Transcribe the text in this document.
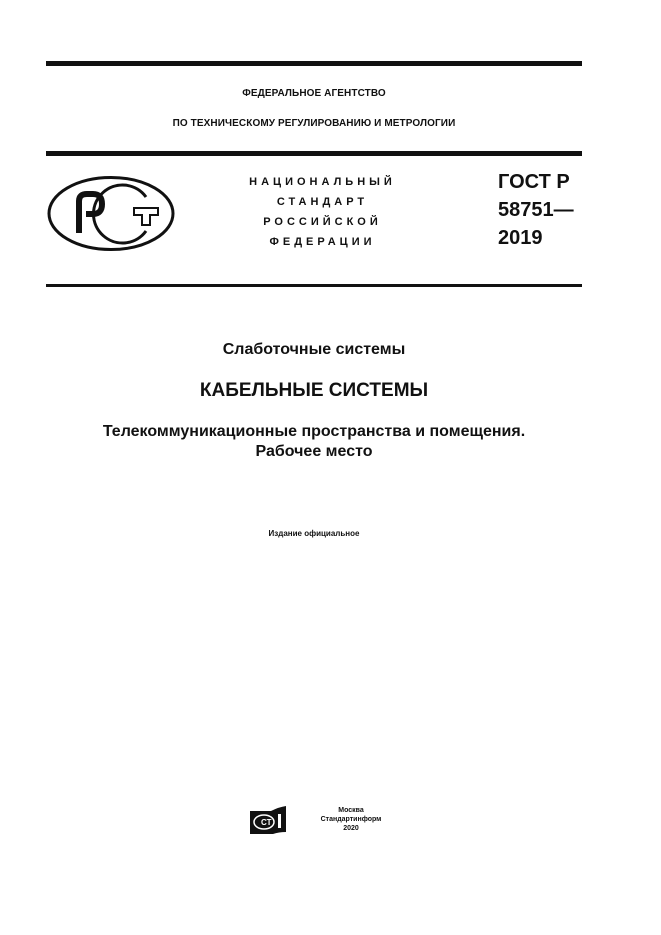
ФЕДЕРАЛЬНОЕ АГЕНТСТВО
ПО ТЕХНИЧЕСКОМУ РЕГУЛИРОВАНИЮ И МЕТРОЛОГИИ
НАЦИОНАЛЬНЫЙ
СТАНДАРТ
РОССИЙСКОЙ
ФЕДЕРАЦИИ
ГОСТ Р
58751—
2019
Слаботочные системы
КАБЕЛЬНЫЕ СИСТЕМЫ
Телекоммуникационные пространства и помещения.
Рабочее место
Издание официальное
СТ
Москва
Стандартинформ
2020
